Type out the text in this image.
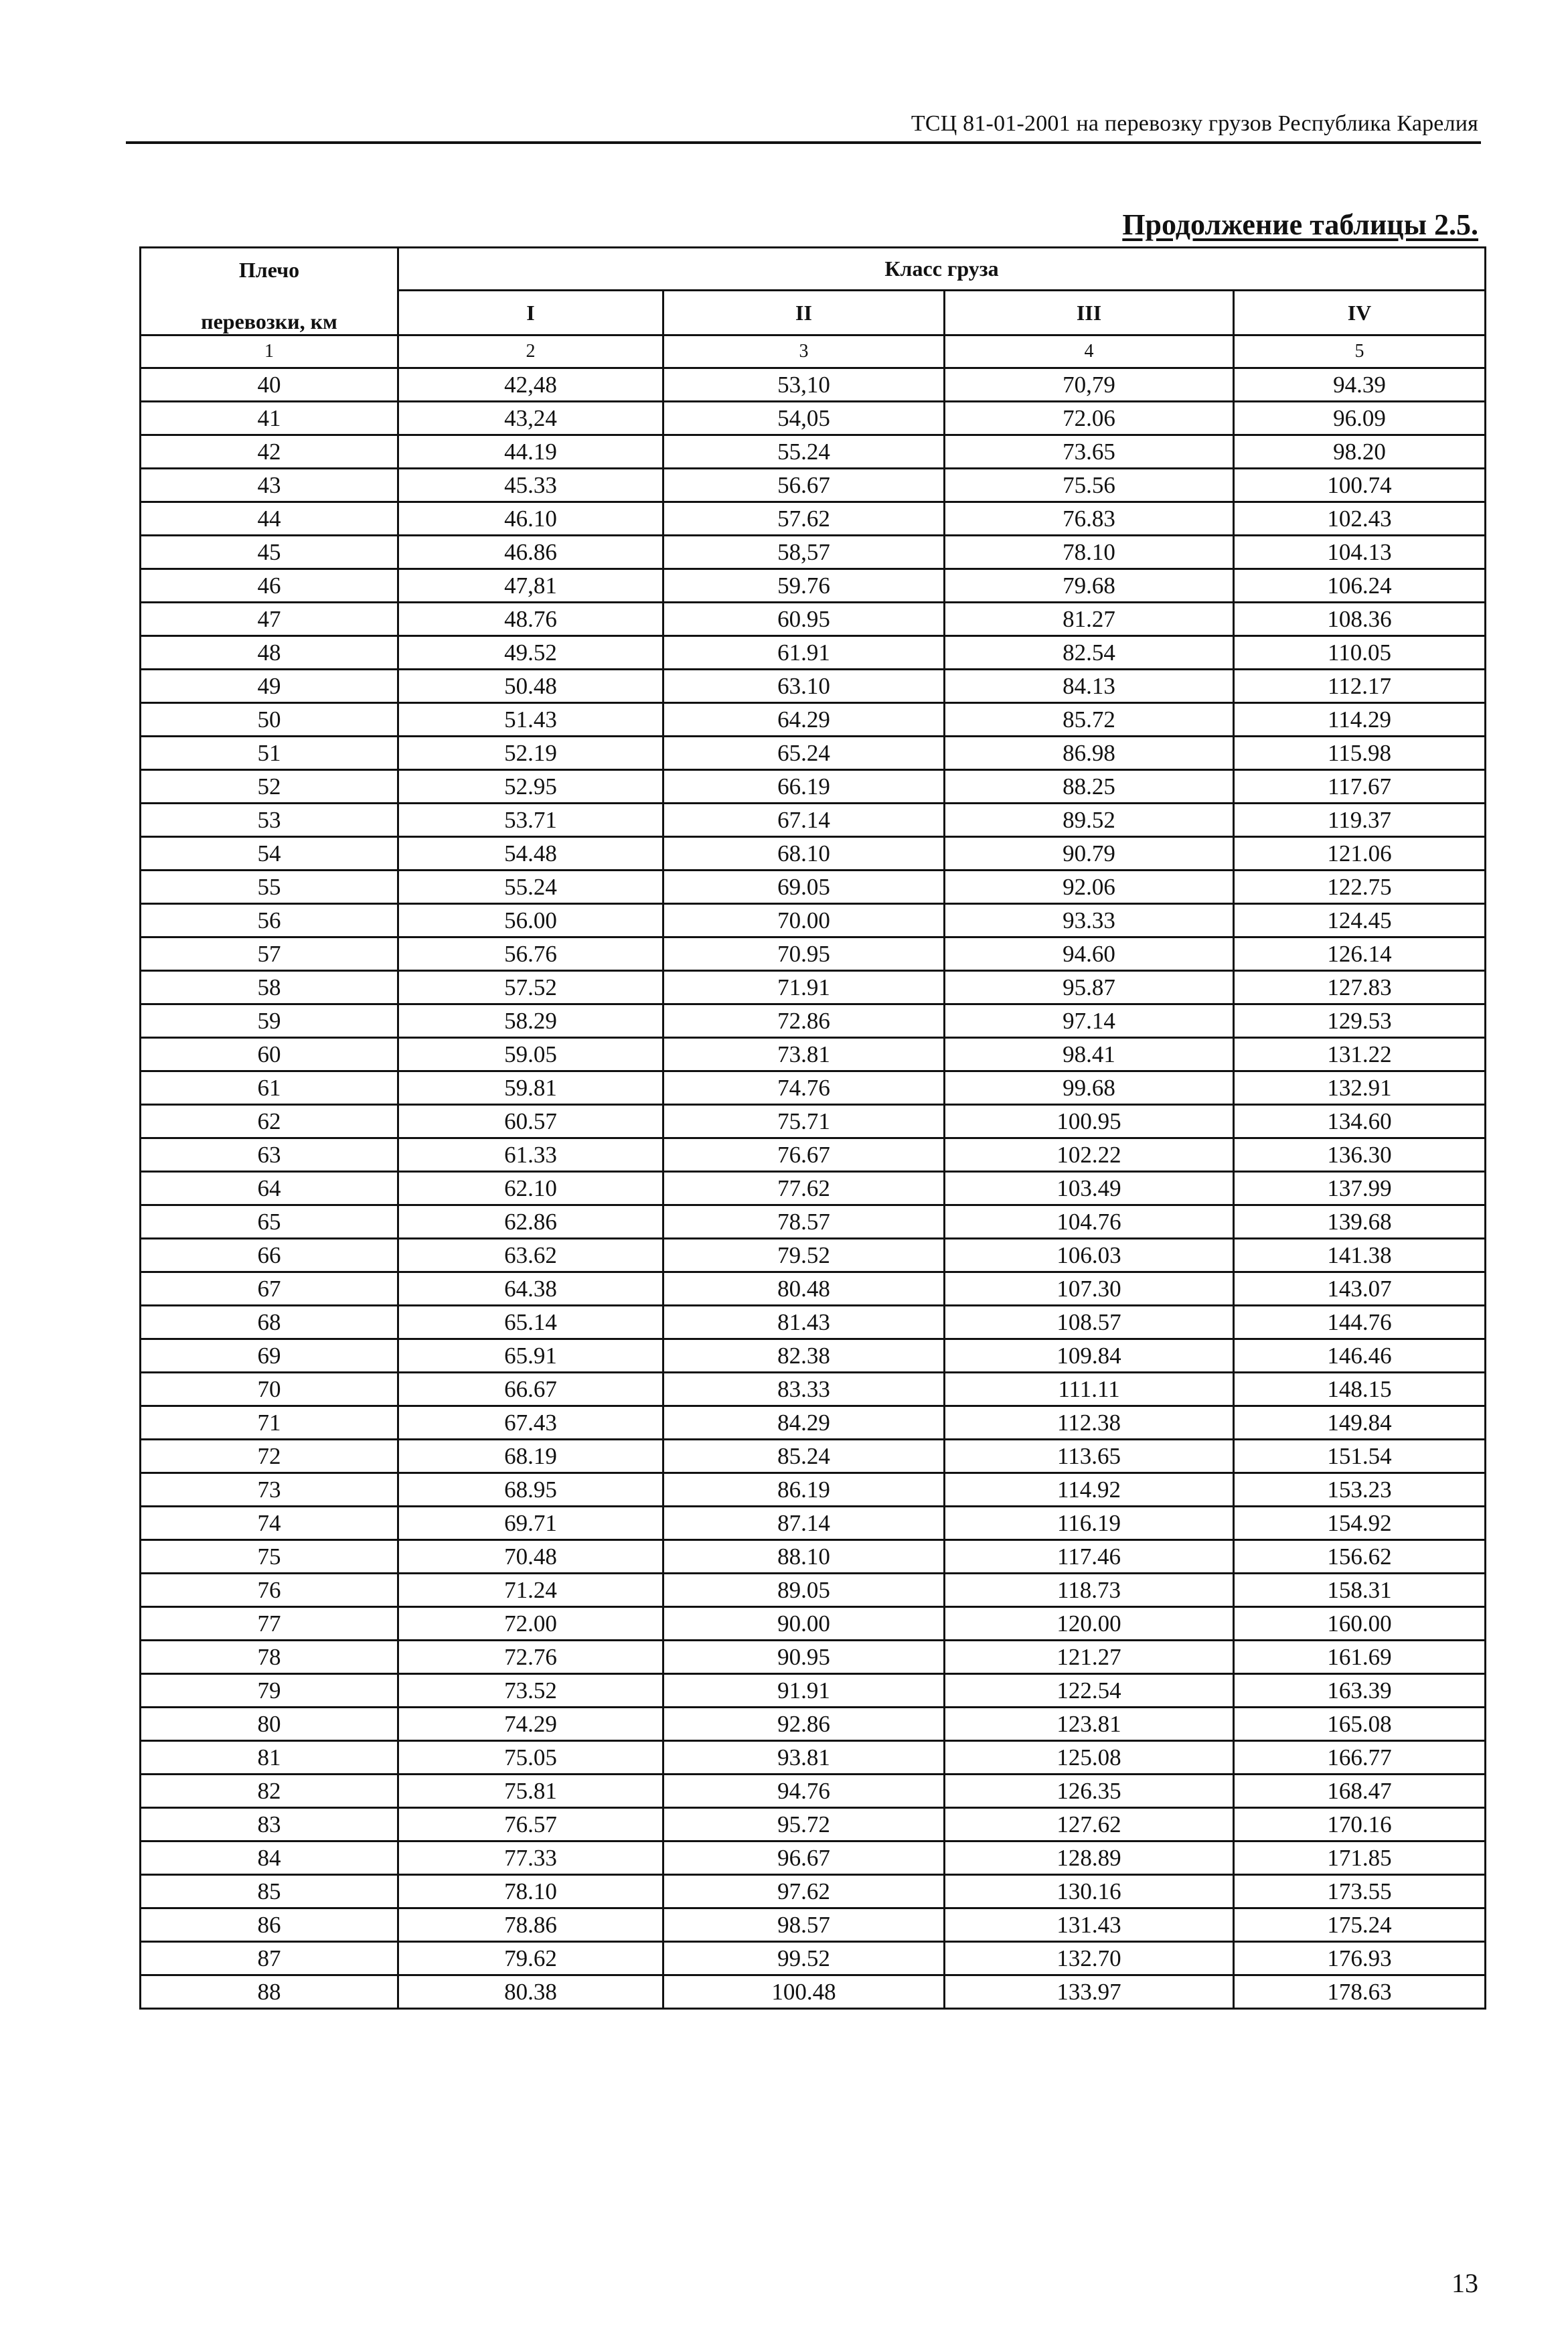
ТСЦ 81-01-2001 на перевозку грузов Республика Карелия
Продолжение таблицы 2.5.
Плечо
перевозки, км	Класс груза			
	I	II	III	IV
1	2	3	4	5
40	42,48	53,10	70,79	94.39
41	43,24	54,05	72.06	96.09
42	44.19	55.24	73.65	98.20
43	45.33	56.67	75.56	100.74
44	46.10	57.62	76.83	102.43
45	46.86	58,57	78.10	104.13
46	47,81	59.76	79.68	106.24
47	48.76	60.95	81.27	108.36
48	49.52	61.91	82.54	110.05
49	50.48	63.10	84.13	112.17
50	51.43	64.29	85.72	114.29
51	52.19	65.24	86.98	115.98
52	52.95	66.19	88.25	117.67
53	53.71	67.14	89.52	119.37
54	54.48	68.10	90.79	121.06
55	55.24	69.05	92.06	122.75
56	56.00	70.00	93.33	124.45
57	56.76	70.95	94.60	126.14
58	57.52	71.91	95.87	127.83
59	58.29	72.86	97.14	129.53
60	59.05	73.81	98.41	131.22
61	59.81	74.76	99.68	132.91
62	60.57	75.71	100.95	134.60
63	61.33	76.67	102.22	136.30
64	62.10	77.62	103.49	137.99
65	62.86	78.57	104.76	139.68
66	63.62	79.52	106.03	141.38
67	64.38	80.48	107.30	143.07
68	65.14	81.43	108.57	144.76
69	65.91	82.38	109.84	146.46
70	66.67	83.33	111.11	148.15
71	67.43	84.29	112.38	149.84
72	68.19	85.24	113.65	151.54
73	68.95	86.19	114.92	153.23
74	69.71	87.14	116.19	154.92
75	70.48	88.10	117.46	156.62
76	71.24	89.05	118.73	158.31
77	72.00	90.00	120.00	160.00
78	72.76	90.95	121.27	161.69
79	73.52	91.91	122.54	163.39
80	74.29	92.86	123.81	165.08
81	75.05	93.81	125.08	166.77
82	75.81	94.76	126.35	168.47
83	76.57	95.72	127.62	170.16
84	77.33	96.67	128.89	171.85
85	78.10	97.62	130.16	173.55
86	78.86	98.57	131.43	175.24
87	79.62	99.52	132.70	176.93
88	80.38	100.48	133.97	178.63
13
